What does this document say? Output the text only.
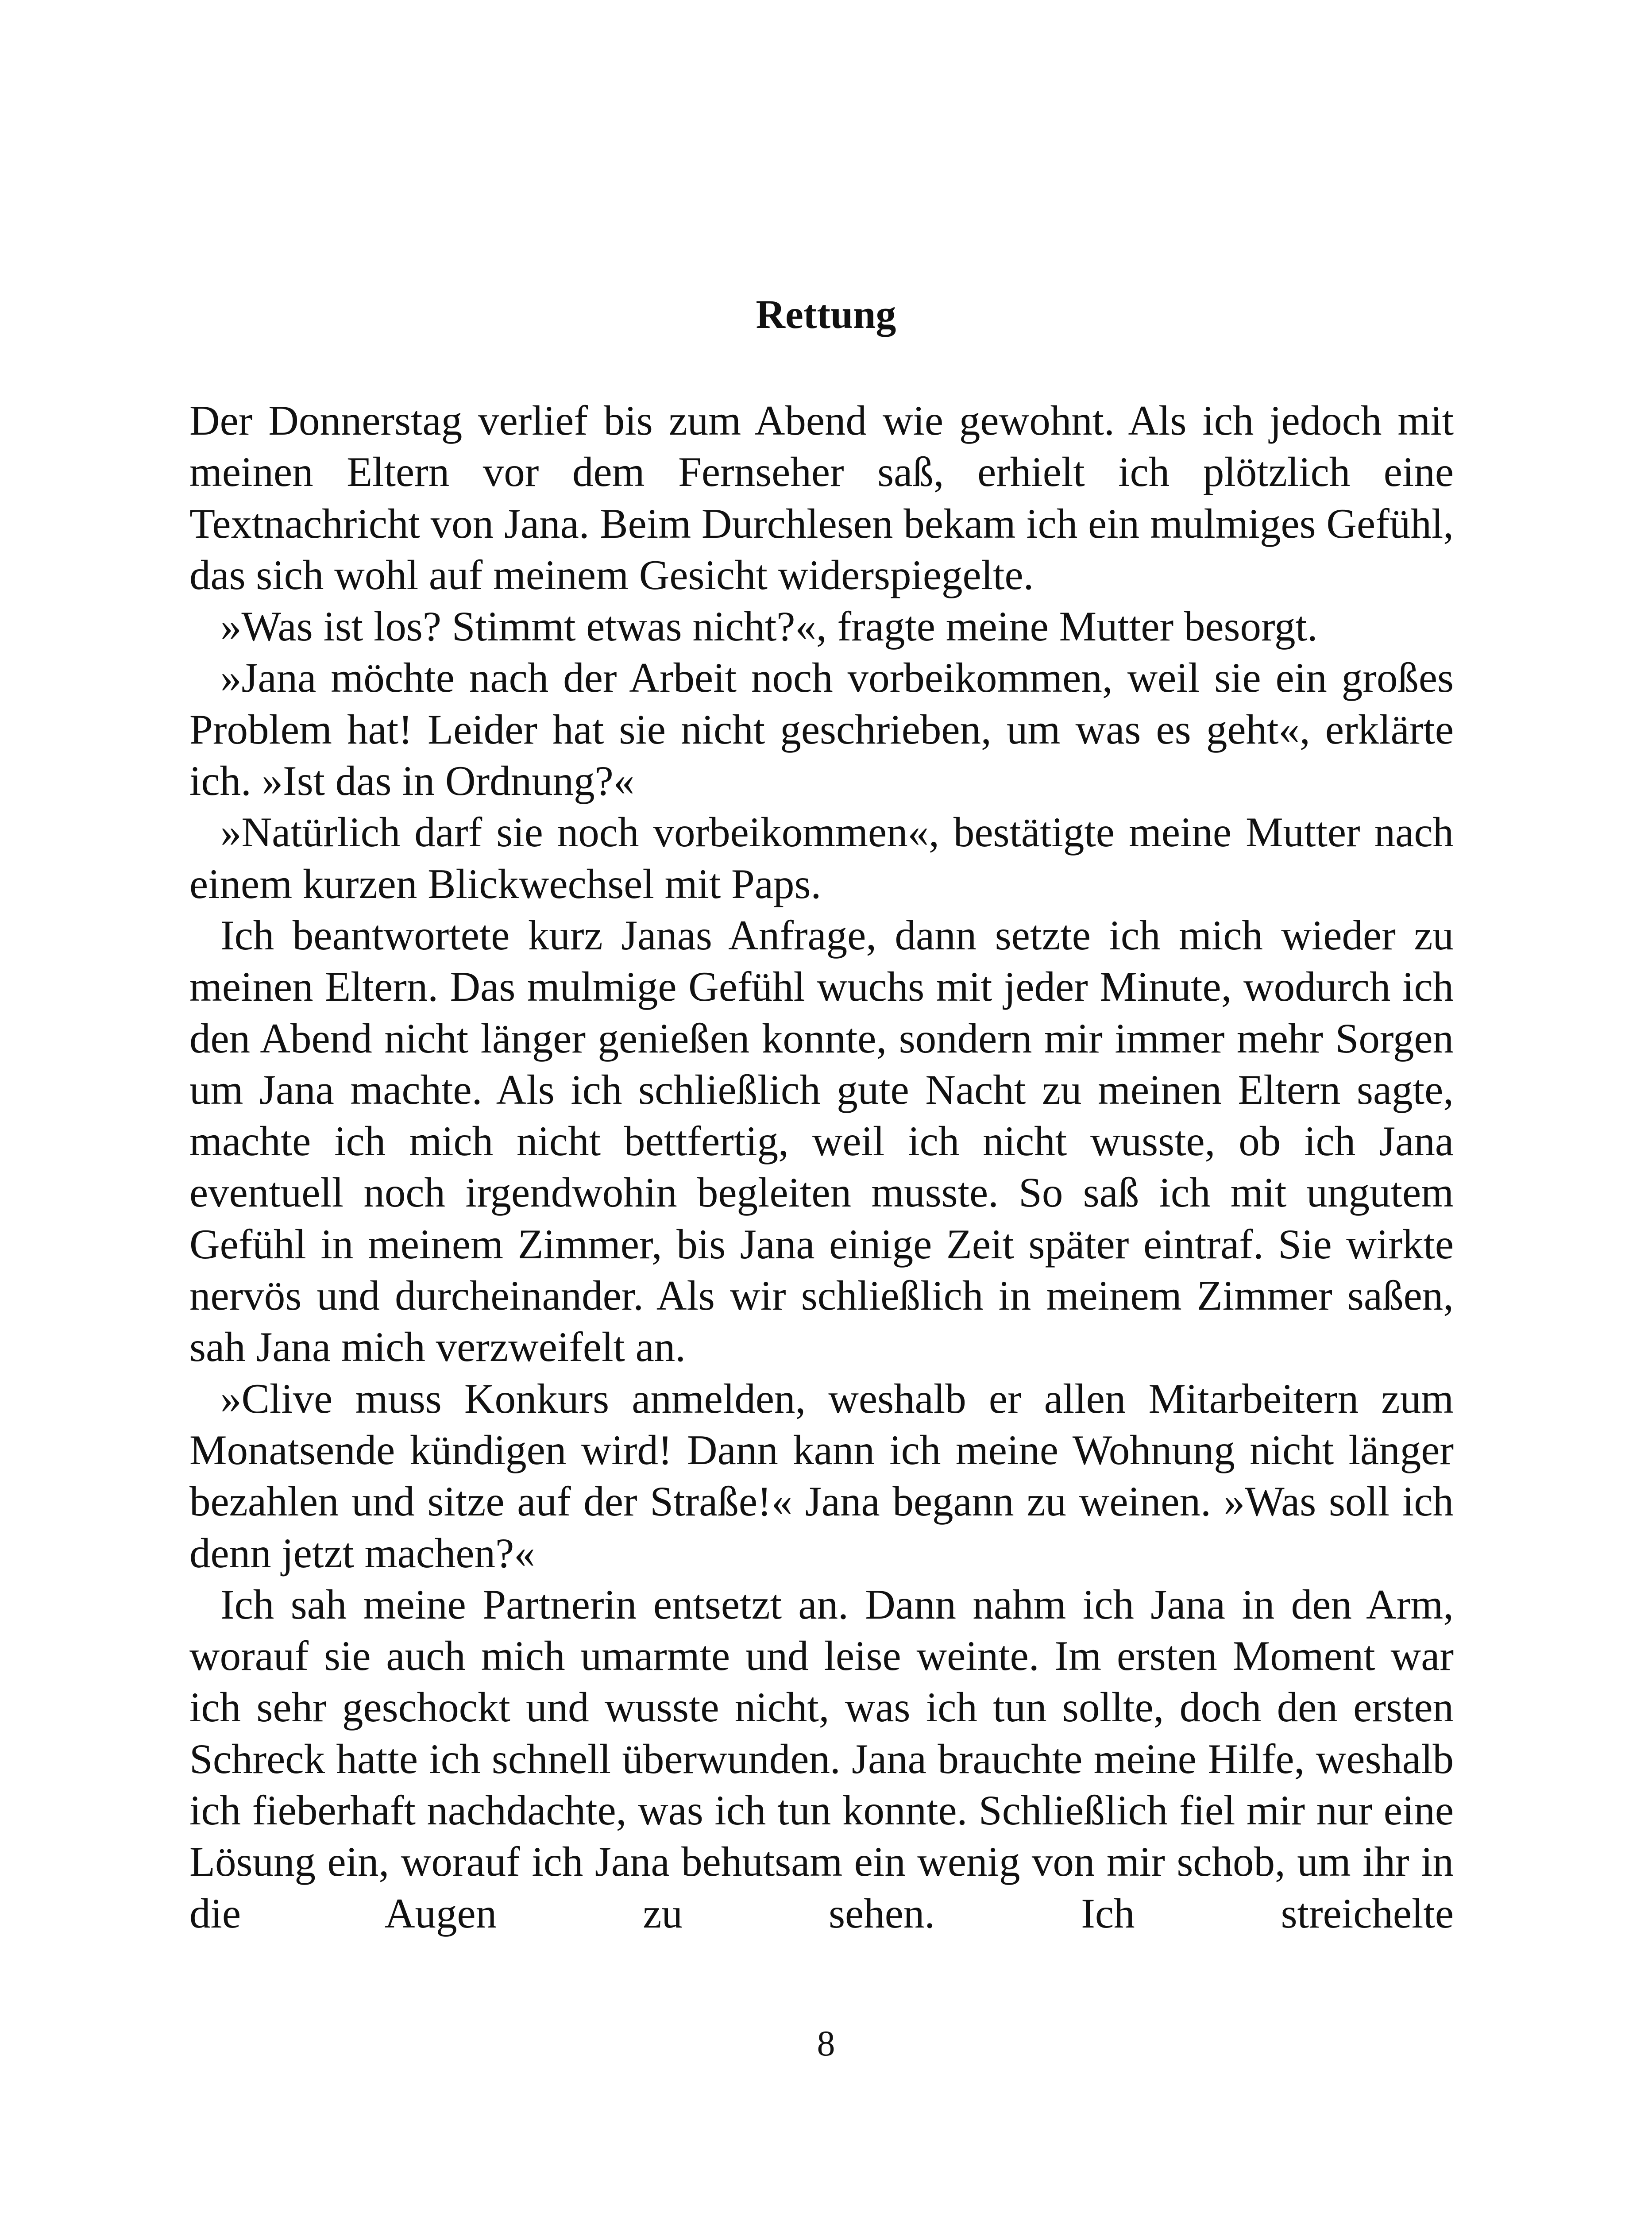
Rettung

Der Donnerstag verlief bis zum Abend wie gewohnt. Als ich jedoch mit meinen Eltern vor dem Fernseher saß, erhielt ich plötzlich eine Textnachricht von Jana. Beim Durchlesen bekam ich ein mulmiges Gefühl, das sich wohl auf meinem Gesicht widerspiegelte.

»Was ist los? Stimmt etwas nicht?«, fragte meine Mutter besorgt.

»Jana möchte nach der Arbeit noch vorbeikommen, weil sie ein großes Problem hat! Leider hat sie nicht geschrieben, um was es geht«, erklärte ich. »Ist das in Ordnung?«

»Natürlich darf sie noch vorbeikommen«, bestätigte meine Mutter nach einem kurzen Blickwechsel mit Paps.

Ich beantwortete kurz Janas Anfrage, dann setzte ich mich wieder zu meinen Eltern. Das mulmige Gefühl wuchs mit jeder Minute, wodurch ich den Abend nicht länger genießen konnte, sondern mir immer mehr Sorgen um Jana machte. Als ich schließlich gute Nacht zu meinen Eltern sagte, machte ich mich nicht bettfertig, weil ich nicht wusste, ob ich Jana eventuell noch irgendwohin begleiten musste. So saß ich mit ungutem Gefühl in meinem Zimmer, bis Jana einige Zeit später eintraf. Sie wirkte nervös und durcheinander. Als wir schließlich in meinem Zimmer saßen, sah Jana mich verzweifelt an.

»Clive muss Konkurs anmelden, weshalb er allen Mitarbeitern zum Monatsende kündigen wird! Dann kann ich meine Wohnung nicht länger bezahlen und sitze auf der Straße!« Jana begann zu weinen. »Was soll ich denn jetzt machen?«

Ich sah meine Partnerin entsetzt an. Dann nahm ich Jana in den Arm, worauf sie auch mich umarmte und leise weinte. Im ersten Moment war ich sehr geschockt und wusste nicht, was ich tun sollte, doch den ersten Schreck hatte ich schnell überwunden. Jana brauchte meine Hilfe, weshalb ich fieberhaft nachdachte, was ich tun konnte. Schließlich fiel mir nur eine Lösung ein, worauf ich Jana behutsam ein wenig von mir schob, um ihr in die Augen zu sehen. Ich streichelte

8
